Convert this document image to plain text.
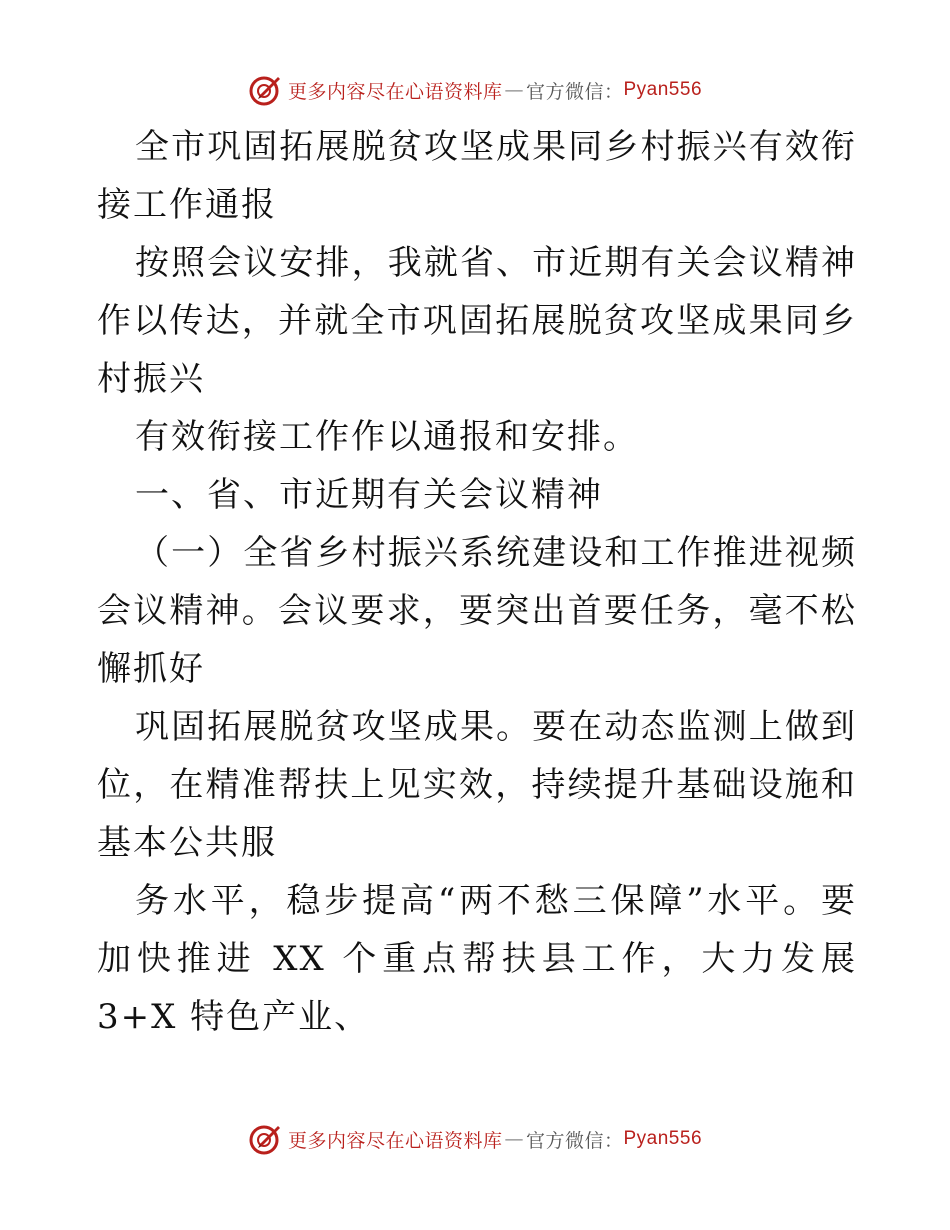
更多内容尽在心语资料库 — 官方微信： Pyan556

全市巩固拓展脱贫攻坚成果同乡村振兴有效衔接工作通报

按照会议安排，我就省、市近期有关会议精神作以传达，并就全市巩固拓展脱贫攻坚成果同乡村振兴

有效衔接工作作以通报和安排。

一、省、市近期有关会议精神

（一）全省乡村振兴系统建设和工作推进视频会议精神。会议要求，要突出首要任务，毫不松懈抓好

巩固拓展脱贫攻坚成果。要在动态监测上做到位，在精准帮扶上见实效，持续提升基础设施和基本公共服

务水平，稳步提高“两不愁三保障”水平。要加快推进 XX 个重点帮扶县工作，大力发展 3+X 特色产业、

更多内容尽在心语资料库 — 官方微信： Pyan556
